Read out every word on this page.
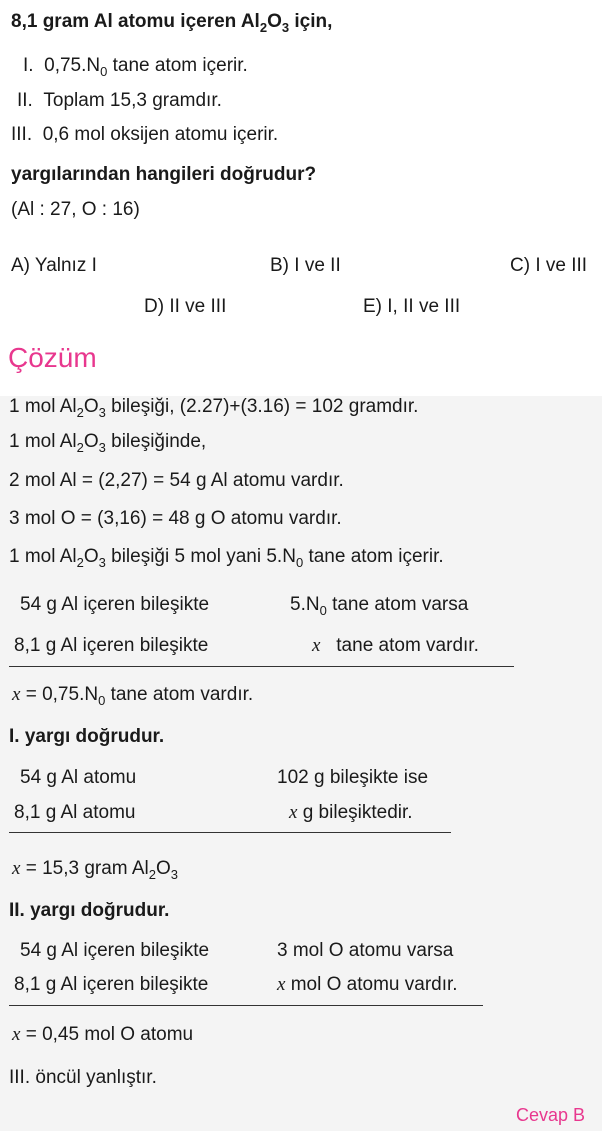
8,1 gram Al atomu içeren $Al_2O_3$ için,
I. $0,75.N_0$ tane atom içerir.
II. Toplam 15,3 gramdır.
III. 0,6 mol oksijen atomu içerir.
yargılarından hangileri doğrudur?
(Al : 27, O : 16)
A) Yalnız I	B) I ve II	C) I ve III
D) II ve III	E) I, II ve III
Çözüm
1 mol $Al_2O_3$ bileşiği, (2.27)+(3.16) = 102 gramdır.
1 mol $Al_2O_3$ bileşiğinde,
2 mol Al = (2,27) = 54 g Al atomu vardır.
3 mol O = (3,16) = 48 g O atomu vardır.
1 mol $Al_2O_3$ bileşiği 5 mol yani $5.N_0$ tane atom içerir.
54 g Al içeren bileşikte	$5.N_0$ tane atom varsa
8,1 g Al içeren bileşikte	x tane atom vardır.
$x = 0,75.N_0$ tane atom vardır.
I. yargı doğrudur.
54 g Al atomu	102 g bileşikte ise
8,1 g Al atomu	x g bileşiktedir.
x = 15,3 gram $Al_2O_3$
II. yargı doğrudur.
54 g Al içeren bileşikte	3 mol O atomu varsa
8,1 g Al içeren bileşikte	x mol O atomu vardır.
x = 0,45 mol O atomu
III. öncül yanlıştır.
Cevap B
